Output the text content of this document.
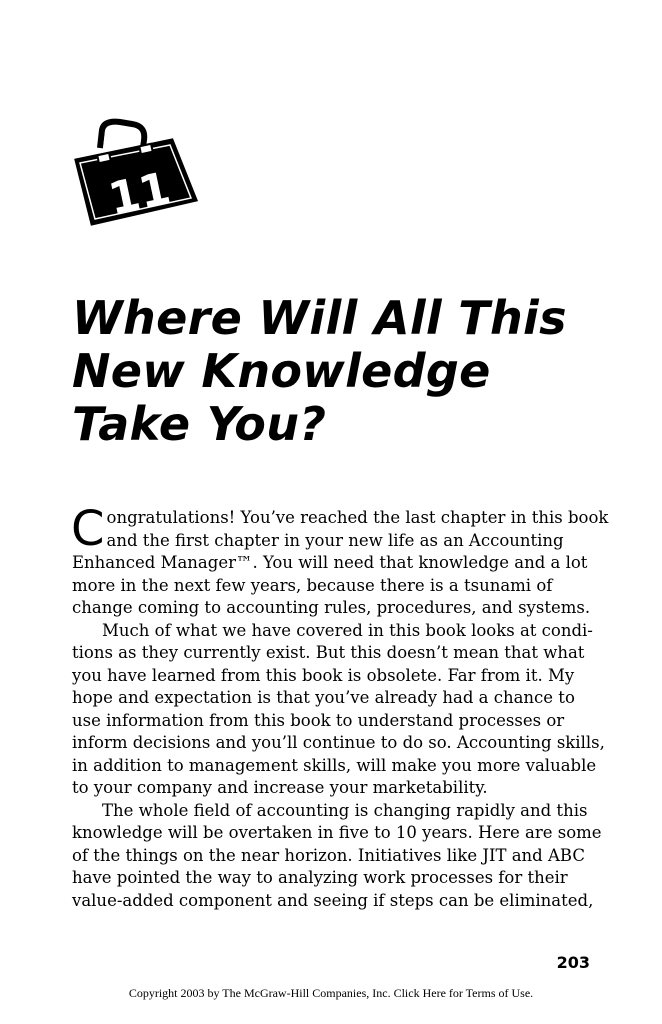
11
Where Will All This
New Knowledge
Take You?
C ongratulations! You’ve reached the last chapter in this book
and the first chapter in your new life as an Accounting
Enhanced Manager™. You will need that knowledge and a lot
more in the next few years, because there is a tsunami of
change coming to accounting rules, procedures, and systems.
Much of what we have covered in this book looks at condi-
tions as they currently exist. But this doesn’t mean that what
you have learned from this book is obsolete. Far from it. My
hope and expectation is that you’ve already had a chance to
use information from this book to understand processes or
inform decisions and you’ll continue to do so. Accounting skills,
in addition to management skills, will make you more valuable
to your company and increase your marketability.
The whole field of accounting is changing rapidly and this
knowledge will be overtaken in five to 10 years. Here are some
of the things on the near horizon. Initiatives like JIT and ABC
have pointed the way to analyzing work processes for their
value-added component and seeing if steps can be eliminated,
203
Copyright 2003 by The McGraw-Hill Companies, Inc. Click Here for Terms of Use.
